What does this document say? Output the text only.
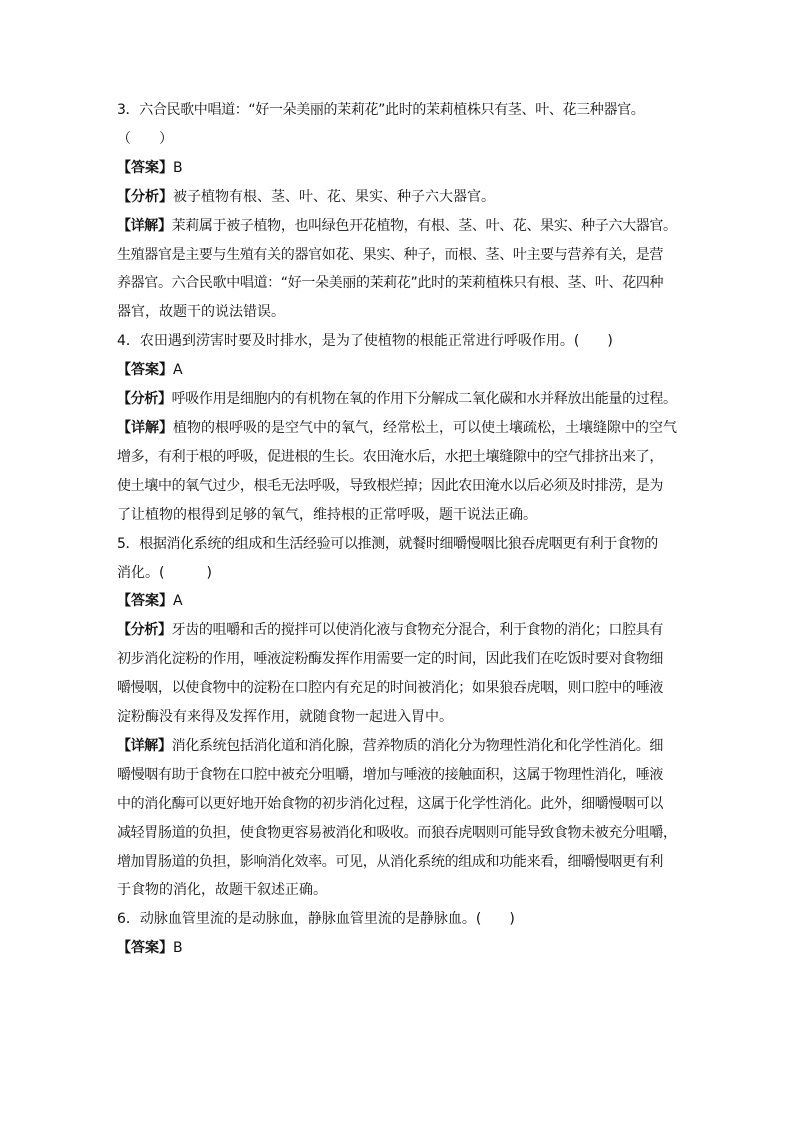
3．六合民歌中唱道：“好一朵美丽的茉莉花”此时的茉莉植株只有茎、叶、花三种器官。
（　　）
【 答案 】 B
【 分析 】 被子植物有根、茎、叶、花、果实、种子六大器官。
【 详解 】 茉莉属于被子植物，也叫绿色开花植物，有根、茎、叶、花、果实、种子六大器官。
生殖器官是主要与生殖有关的器官如花、果实、种子，而根、茎、叶主要与营养有关，是营
养器官。六合民歌中唱道：“好一朵美丽的茉莉花”此时的茉莉植株只有根、茎、叶、花四种
器官，故题干的说法错误。
4．农田遇到涝害时要及时排水，是为了使植物的根能正常进行呼吸作用。(　　)
【 答案 】 A
【 分析 】 呼吸作用是细胞内的有机物在氧的作用下分解成二氧化碳和水并释放出能量的过程。
【 详解 】 植物的根呼吸的是空气中的氧气，经常松土，可以使土壤疏松，土壤缝隙中的空气
增多，有利于根的呼吸，促进根的生长。农田淹水后，水把土壤缝隙中的空气排挤出来了，
使土壤中的氧气过少，根毛无法呼吸，导致根烂掉；因此农田淹水以后必须及时排涝，是为
了让植物的根得到足够的氧气，维持根的正常呼吸，题干说法正确。
5．根据消化系统的组成和生活经验可以推测，就餐时细嚼慢咽比狼吞虎咽更有利于食物的
消化。(　　　)
【 答案 】 A
【 分析 】 牙齿的咀嚼和舌的搅拌可以使消化液与食物充分混合，利于食物的消化；口腔具有
初步消化淀粉的作用，唾液淀粉酶发挥作用需要一定的时间，因此我们在吃饭时要对食物细
嚼慢咽，以使食物中的淀粉在口腔内有充足的时间被消化；如果狼吞虎咽，则口腔中的唾液
淀粉酶没有来得及发挥作用，就随食物一起进入胃中。
【 详解 】 消化系统包括消化道和消化腺，营养物质的消化分为物理性消化和化学性消化。细
嚼慢咽有助于食物在口腔中被充分咀嚼，增加与唾液的接触面积，这属于物理性消化，唾液
中的消化酶可以更好地开始食物的初步消化过程，这属于化学性消化。此外，细嚼慢咽可以
减轻胃肠道的负担，使食物更容易被消化和吸收。而狼吞虎咽则可能导致食物未被充分咀嚼，
增加胃肠道的负担，影响消化效率。可见，从消化系统的组成和功能来看，细嚼慢咽更有利
于食物的消化，故题干叙述正确。
6．动脉血管里流的是动脉血，静脉血管里流的是静脉血。(　　)
【 答案 】 B
